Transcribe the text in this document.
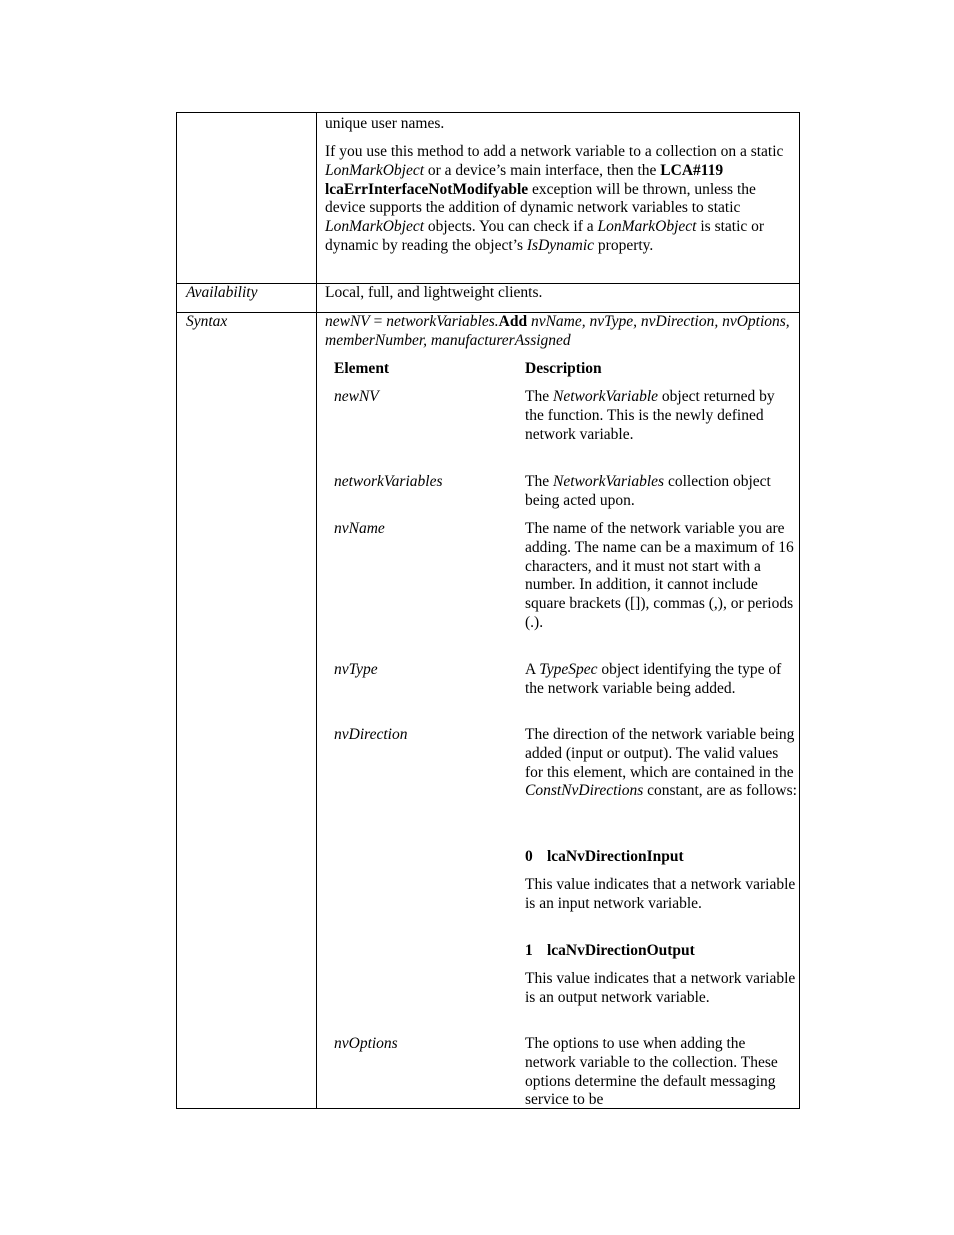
unique user names.

If you use this method to add a network variable to a collection on a static LonMarkObject or a device’s main interface, then the LCA#119 lcaErrInterfaceNotModifyable exception will be thrown, unless the device supports the addition of dynamic network variables to static LonMarkObject objects. You can check if a LonMarkObject is static or dynamic by reading the object’s IsDynamic property.

Availability	Local, full, and lightweight clients.

Syntax	newNV = networkVariables.Add nvName, nvType, nvDirection, nvOptions, memberNumber, manufacturerAssigned

Element	Description

newNV	The NetworkVariable object returned by the function. This is the newly defined network variable.

networkVariables	The NetworkVariables collection object being acted upon.

nvName	The name of the network variable you are adding. The name can be a maximum of 16 characters, and it must not start with a number. In addition, it cannot include square brackets ([]), commas (,), or periods (.).

nvType	A TypeSpec object identifying the type of the network variable being added.

nvDirection	The direction of the network variable being added (input or output). The valid values for this element, which are contained in the ConstNvDirections constant, are as follows:

0 lcaNvDirectionInput

This value indicates that a network variable is an input network variable.

1 lcaNvDirectionOutput

This value indicates that a network variable is an output network variable.

nvOptions	The options to use when adding the network variable to the collection. These options determine the default messaging service to be
